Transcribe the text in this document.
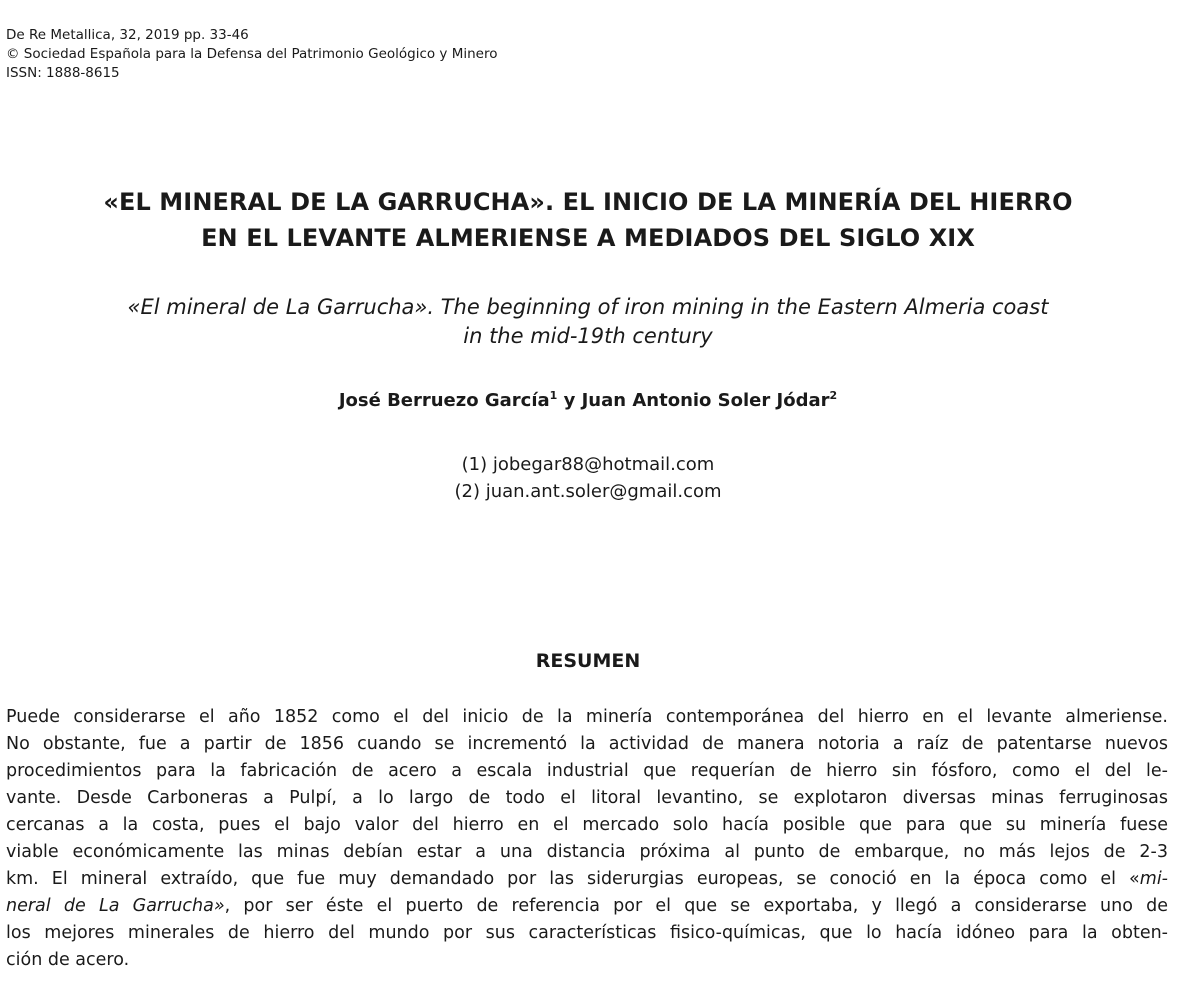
De Re Metallica, 32, 2019 pp. 33-46
© Sociedad Española para la Defensa del Patrimonio Geológico y Minero
ISSN: 1888-8615
«EL MINERAL DE LA GARRUCHA». EL INICIO DE LA MINERÍA DEL HIERRO
EN EL LEVANTE ALMERIENSE A MEDIADOS DEL SIGLO XIX
«El mineral de La Garrucha». The beginning of iron mining in the Eastern Almeria coast
in the mid-19th century
José Berruezo García$^1$ y Juan Antonio Soler Jódar$^2$
(1) jobegar88@hotmail.com
(2) juan.ant.soler@gmail.com
RESUMEN
Puede considerarse el año 1852 como el del inicio de la minería contemporánea del hierro en el levante almeriense.
No obstante, fue a partir de 1856 cuando se incrementó la actividad de manera notoria a raíz de patentarse nuevos
procedimientos para la fabricación de acero a escala industrial que requerían de hierro sin fósforo, como el del le-
vante. Desde Carboneras a Pulpí, a lo largo de todo el litoral levantino, se explotaron diversas minas ferruginosas
cercanas a la costa, pues el bajo valor del hierro en el mercado solo hacía posible que para que su minería fuese
viable económicamente las minas debían estar a una distancia próxima al punto de embarque, no más lejos de 2-3
km. El mineral extraído, que fue muy demandado por las siderurgias europeas, se conoció en la época como el «mi-
neral de La Garrucha», por ser éste el puerto de referencia por el que se exportaba, y llegó a considerarse uno de
los mejores minerales de hierro del mundo por sus características fisico-químicas, que lo hacía idóneo para la obten-
ción de acero.
